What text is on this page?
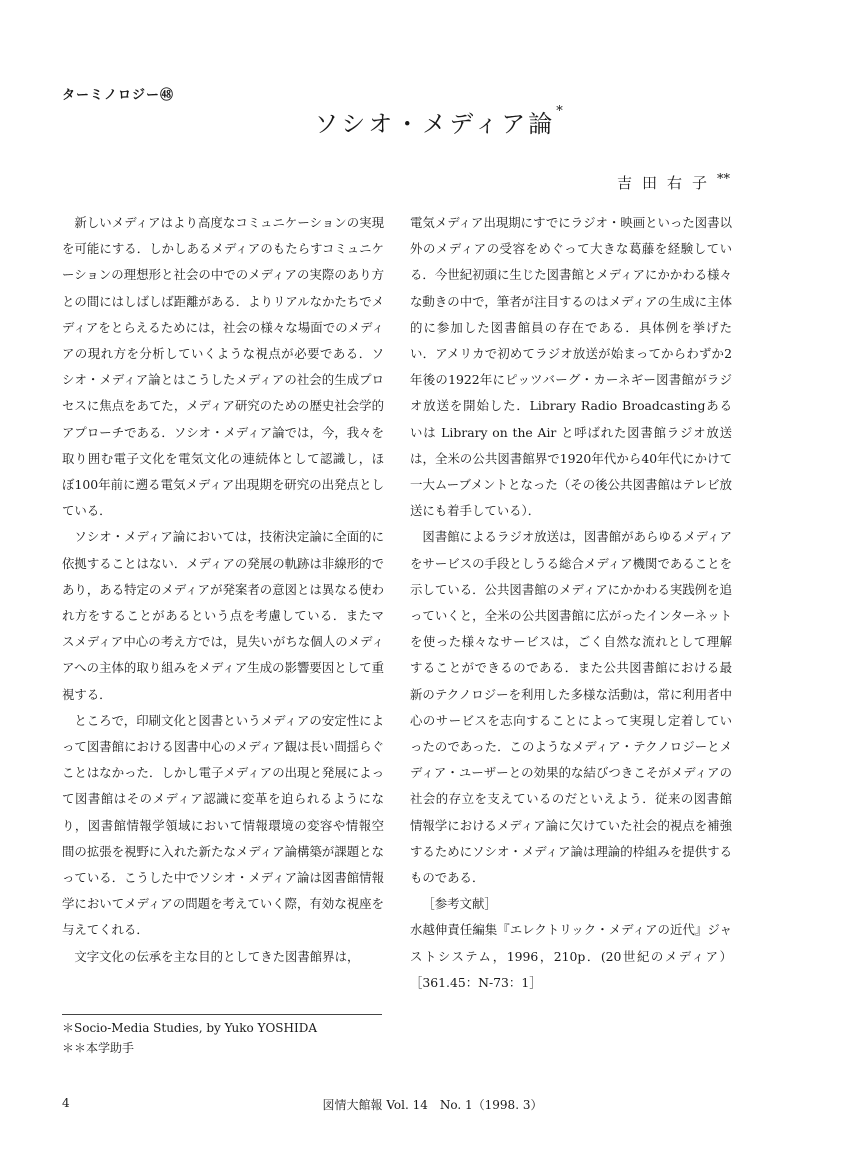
ターミノロジー㊽
ソシオ・メディア論*
吉田右子**

新しいメディアはより高度なコミュニケーションの実現を可能にする．しかしあるメディアのもたらすコミュニケーションの理想形と社会の中でのメディアの実際のあり方との間にはしばしば距離がある．よりリアルなかたちでメディアをとらえるためには，社会の様々な場面でのメディアの現れ方を分析していくような視点が必要である．ソシオ・メディア論とはこうしたメディアの社会的生成プロセスに焦点をあてた，メディア研究のための歴史社会学的アプローチである．ソシオ・メディア論では，今，我々を取り囲む電子文化を電気文化の連続体として認識し，ほぼ100年前に遡る電気メディア出現期を研究の出発点としている．

ソシオ・メディア論においては，技術決定論に全面的に依拠することはない．メディアの発展の軌跡は非線形的であり，ある特定のメディアが発案者の意図とは異なる使われ方をすることがあるという点を考慮している．またマスメディア中心の考え方では，見失いがちな個人のメディアへの主体的取り組みをメディア生成の影響要因として重視する．

ところで，印刷文化と図書というメディアの安定性によって図書館における図書中心のメディア観は長い間揺らぐことはなかった．しかし電子メディアの出現と発展によって図書館はそのメディア認識に変革を迫られるようになり，図書館情報学領域において情報環境の変容や情報空間の拡張を視野に入れた新たなメディア論構築が課題となっている．こうした中でソシオ・メディア論は図書館情報学においてメディアの問題を考えていく際，有効な視座を与えてくれる．

文字文化の伝承を主な目的としてきた図書館界は，

電気メディア出現期にすでにラジオ・映画といった図書以外のメディアの受容をめぐって大きな葛藤を経験している．今世紀初頭に生じた図書館とメディアにかかわる様々な動きの中で，筆者が注目するのはメディアの生成に主体的に参加した図書館員の存在である．具体例を挙げたい．アメリカで初めてラジオ放送が始まってからわずか2年後の1922年にピッツバーグ・カーネギー図書館がラジオ放送を開始した．Library Radio Broadcastingあるいは Library on the Air と呼ばれた図書館ラジオ放送は，全米の公共図書館界で1920年代から40年代にかけて一大ムーブメントとなった（その後公共図書館はテレビ放送にも着手している）．

図書館によるラジオ放送は，図書館があらゆるメディアをサービスの手段としうる総合メディア機関であることを示している．公共図書館のメディアにかかわる実践例を追っていくと，全米の公共図書館に広がったインターネットを使った様々なサービスは，ごく自然な流れとして理解することができるのである．また公共図書館における最新のテクノロジーを利用した多様な活動は，常に利用者中心のサービスを志向することによって実現し定着していったのであった．このようなメディア・テクノロジーとメディア・ユーザーとの効果的な結びつきこそがメディアの社会的存立を支えているのだといえよう．従来の図書館情報学におけるメディア論に欠けていた社会的視点を補強するためにソシオ・メディア論は理論的枠組みを提供するものである．

［参考文献］

水越伸責任編集『エレクトリック・メディアの近代』ジャストシステム，1996，210p．(20世紀のメディア）［361.45：N-73：1］

＊Socio-Media Studies, by Yuko YOSHIDA
＊＊本学助手
4	図情大館報 Vol. 14　No. 1（1998. 3）
